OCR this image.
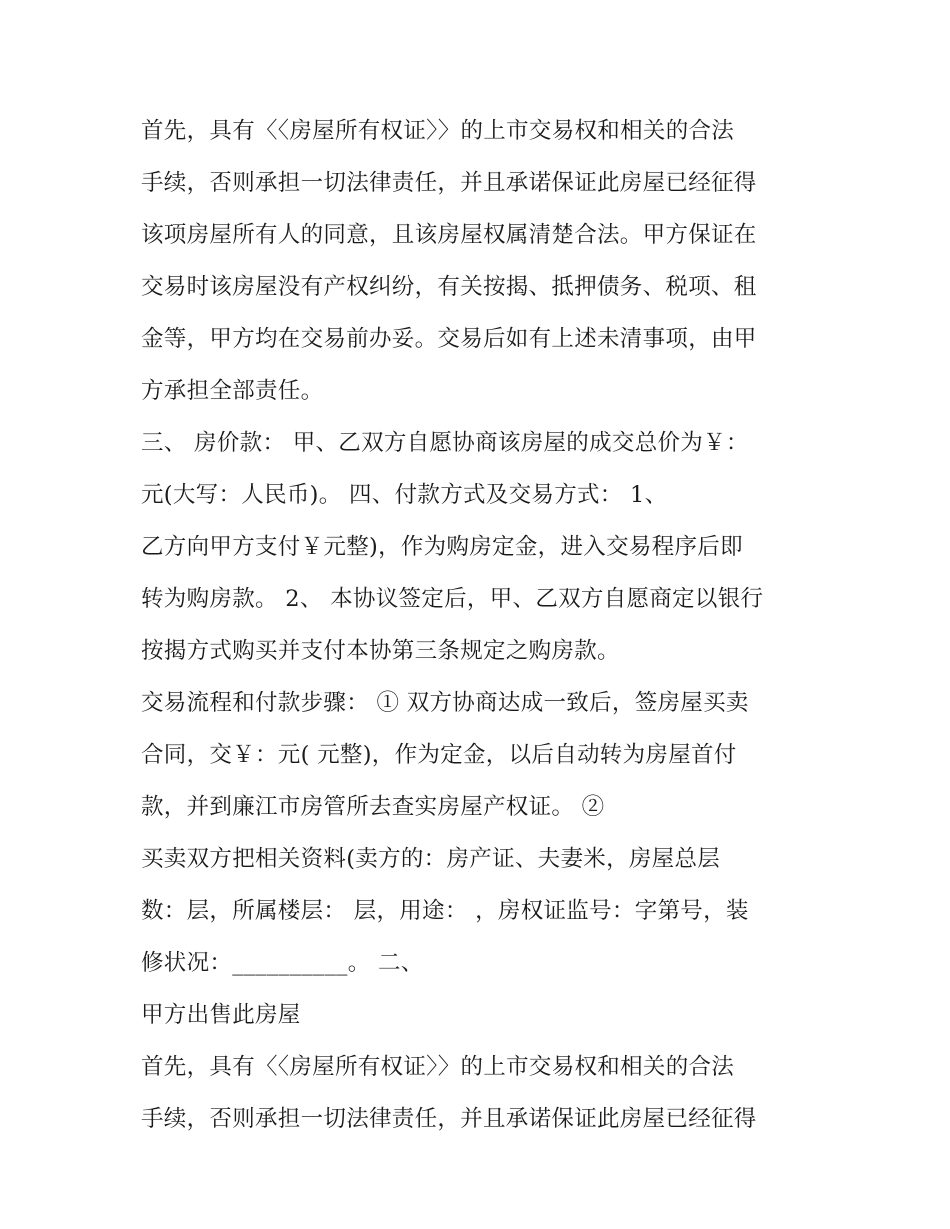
首先，具有〈〈房屋所有权证〉〉的上市交易权和相关的合法
手续，否则承担一切法律责任，并且承诺保证此房屋已经征得
该项房屋所有人的同意，且该房屋权属清楚合法。甲方保证在
交易时该房屋没有产权纠纷，有关按揭、抵押债务、税项、租
金等，甲方均在交易前办妥。交易后如有上述未清事项，由甲
方承担全部责任。
三、 房价款： 甲、乙双方自愿协商该房屋的成交总价为￥：
元(大写：人民币)。 四、付款方式及交易方式： 1、
乙方向甲方支付￥元整)，作为购房定金，进入交易程序后即
转为购房款。 2、 本协议签定后，甲、乙双方自愿商定以银行
按揭方式购买并支付本协第三条规定之购房款。
交易流程和付款步骤： ① 双方协商达成一致后，签房屋买卖
合同，交￥：元( 元整)，作为定金，以后自动转为房屋首付
款，并到廉江市房管所去查实房屋产权证。 ②
买卖双方把相关资料(卖方的：房产证、夫妻米，房屋总层
数：层，所属楼层： 层，用途： ，房权证监号：字第号，装
修状况：__________。 二、
甲方出售此房屋
首先，具有〈〈房屋所有权证〉〉的上市交易权和相关的合法
手续，否则承担一切法律责任，并且承诺保证此房屋已经征得
